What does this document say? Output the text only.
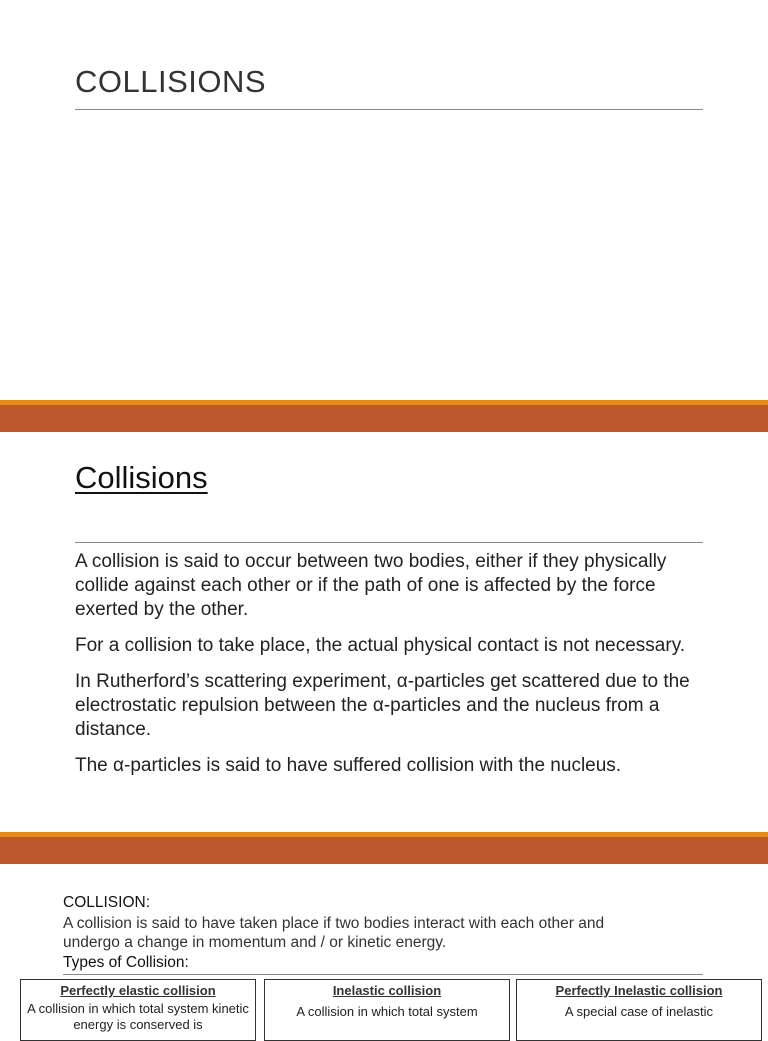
COLLISIONS
Collisions

A collision is said to occur between two bodies, either if they physically collide against each other or if the path of one is affected by the force exerted by the other.

For a collision to take place, the actual physical contact is not necessary.

In Rutherford’s scattering experiment, α-particles get scattered due to the electrostatic repulsion between the α-particles and the nucleus from a distance.

The α-particles is said to have suffered collision with the nucleus.

COLLISION:
A collision is said to have taken place if two bodies interact with each other and undergo a change in momentum and / or kinetic energy.
Types of Collision:
Perfectly elastic collision
A collision in which total system kinetic energy is conserved is
Inelastic collision
A collision in which total system
Perfectly Inelastic collision
A special case of inelastic
